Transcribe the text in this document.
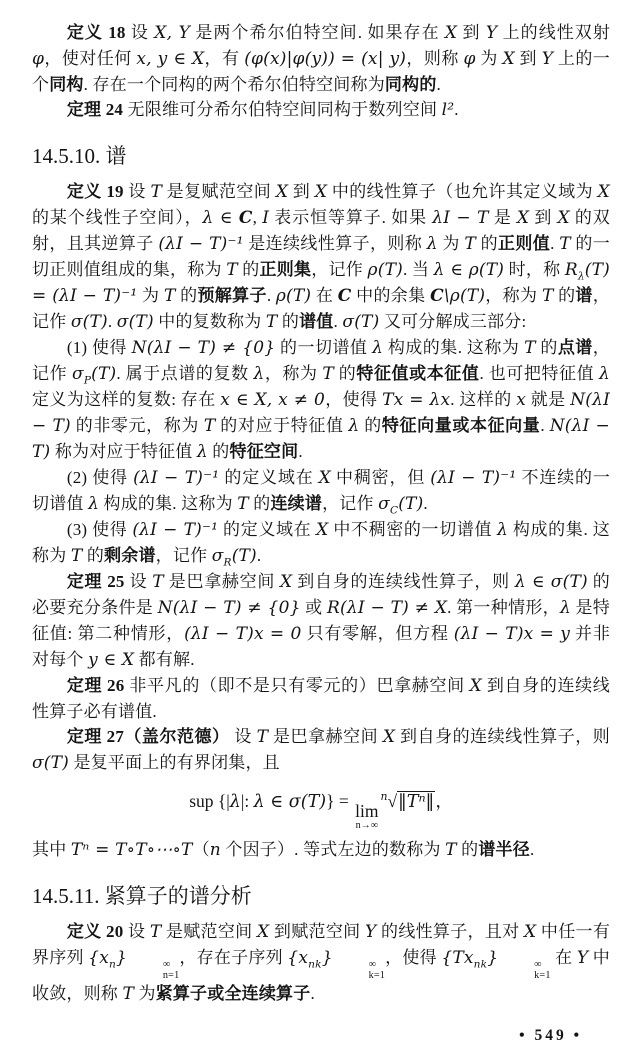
定义 18 设 X, Y 是两个希尔伯特空间. 如果存在 X 到 Y 上的线性双射 φ，使对任何 x, y ∈ X，有 (φ(x)|φ(y)) = (x| y)，则称 φ 为 X 到 Y 上的一个同构. 存在一个同构的两个希尔伯特空间称为同构的.

定理 24 无限维可分希尔伯特空间同构于数列空间 l².

14.5.10. 谱

定义 19 设 T 是复赋范空间 X 到 X 中的线性算子（也允许其定义域为 X 的某个线性子空间），λ ∈ C, I 表示恒等算子. 如果 λI − T 是 X 到 X 的双射，且其逆算子 (λI − T)⁻¹ 是连续线性算子，则称 λ 为 T 的正则值. T 的一切正则值组成的集，称为 T 的正则集，记作 ρ(T). 当 λ ∈ ρ(T) 时，称 $R_\lambda(T) = (\lambda I - T)^{-1}$ 为 T 的预解算子. ρ(T) 在 C 中的余集 C\ρ(T)，称为 T 的谱，记作 σ(T). σ(T) 中的复数称为 T 的谱值. σ(T) 又可分解成三部分:

(1) 使得 N(λI − T) ≠ {0} 的一切谱值 λ 构成的集. 这称为 T 的点谱，记作 $\sigma_P(T)$. 属于点谱的复数 λ，称为 T 的特征值或本征值. 也可把特征值 λ 定义为这样的复数: 存在 x ∈ X, x ≠ 0，使得 Tx = λx. 这样的 x 就是 N(λI − T) 的非零元，称为 T 的对应于特征值 λ 的特征向量或本征向量. N(λI − T) 称为对应于特征值 λ 的特征空间.

(2) 使得 (λI − T)⁻¹ 的定义域在 X 中稠密，但 (λI − T)⁻¹ 不连续的一切谱值 λ 构成的集. 这称为 T 的连续谱，记作 $\sigma_C(T)$.

(3) 使得 (λI − T)⁻¹ 的定义域在 X 中不稠密的一切谱值 λ 构成的集. 这称为 T 的剩余谱，记作 $\sigma_R(T)$.

定理 25 设 T 是巴拿赫空间 X 到自身的连续线性算子，则 λ ∈ σ(T) 的必要充分条件是 N(λI − T) ≠ {0} 或 R(λI − T) ≠ X. 第一种情形，λ 是特征值: 第二种情形，(λI − T)x = 0 只有零解，但方程 (λI − T)x = y 并非对每个 y ∈ X 都有解.

定理 26 非平凡的（即不是只有零元的）巴拿赫空间 X 到自身的连续线性算子必有谱值.

定理 27（盖尔范德） 设 T 是巴拿赫空间 X 到自身的连续线性算子，则 σ(T) 是复平面上的有界闭集，且

sup {|λ|: λ ∈ σ(T)} = lim
n→∞
$^n$√‖Tⁿ‖，

其中 Tⁿ = T∘T∘⋯∘T（n 个因子）. 等式左边的数称为 T 的谱半径.

14.5.11. 紧算子的谱分析

定义 20 设 T 是赋范空间 X 到赋范空间 Y 的线性算子，且对 X 中任一有界序列 $\{x_n\}$	∞
n=1
，存在子序列 $\{x_{nk}\}$	∞
k=1
，使得 $\{Tx_{nk}\}$	∞
k=1
在 Y 中收敛，则称 T 为紧算子或全连续算子.

• 549 •
